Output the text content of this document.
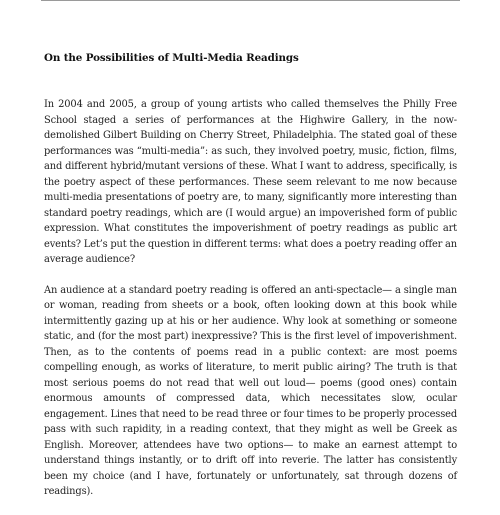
On the Possibilities of Multi-Media Readings

In 2004 and 2005, a group of young artists who called themselves the Philly Free School staged a series of performances at the Highwire Gallery, in the now-demolished Gilbert Building on Cherry Street, Philadelphia. The stated goal of these performances was “multi-media”: as such, they involved poetry, music, fiction, films, and different hybrid/mutant versions of these. What I want to address, specifically, is the poetry aspect of these performances. These seem relevant to me now because multi-media presentations of poetry are, to many, significantly more interesting than standard poetry readings, which are (I would argue) an impoverished form of public expression. What constitutes the impoverishment of poetry readings as public art events? Let’s put the question in different terms: what does a poetry reading offer an average audience?

An audience at a standard poetry reading is offered an anti-spectacle— a single man or woman, reading from sheets or a book, often looking down at this book while intermittently gazing up at his or her audience. Why look at something or someone static, and (for the most part) inexpressive? This is the first level of impoverishment. Then, as to the contents of poems read in a public context: are most poems compelling enough, as works of literature, to merit public airing? The truth is that most serious poems do not read that well out loud— poems (good ones) contain enormous amounts of compressed data, which necessitates slow, ocular engagement. Lines that need to be read three or four times to be properly processed pass with such rapidity, in a reading context, that they might as well be Greek as English. Moreover, attendees have two options— to make an earnest attempt to understand things instantly, or to drift off into reverie. The latter has consistently been my choice (and I have, fortunately or unfortunately, sat through dozens of readings).
